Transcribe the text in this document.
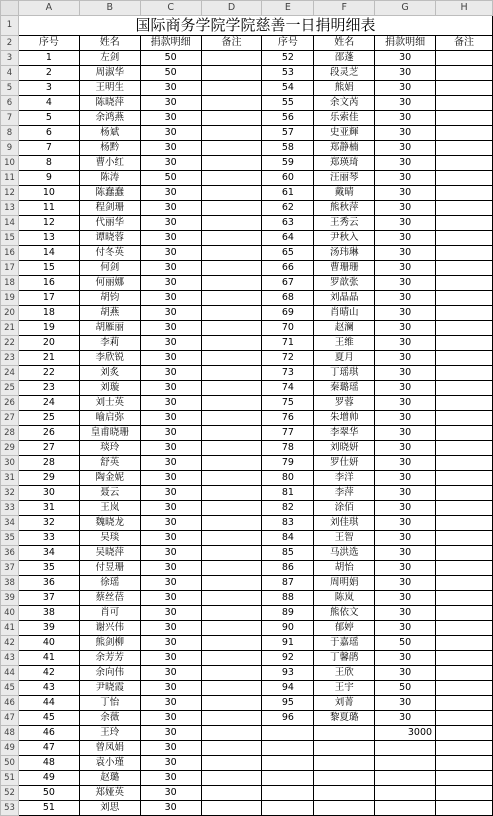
	A	B	C	D	E	F	G	H
1	国际商务学院学院慈善一日捐明细表							
2	序号	姓名	捐款明细	备注	序号	姓名	捐款明细	备注
3	1	左剑	50		52	邵蓬	30	
4	2	周淑华	50		53	段灵芝	30	
5	3	王明生	30		54	熊娟	30	
6	4	陈晓萍	30		55	余文芮	30	
7	5	余鸿燕	30		56	乐索佳	30	
8	6	杨斌	30		57	史亚輝	30	
9	7	杨黔	30		58	郑静楠	30	
10	8	曹小红	30		59	郑瑛琦	30	
11	9	陈涛	50		60	汪丽琴	30	
12	10	陈蠢蠢	30		61	戴晴	30	
13	11	程剑珊	30		62	熊秋萍	30	
14	12	代丽华	30		63	王秀云	30	
15	13	谭晓蓉	30		64	尹秋入	30	
16	14	付冬英	30		65	汤玮琳	30	
17	15	何剑	30		66	曹珊珊	30	
18	16	何丽娜	30		67	罗歆张	30	
19	17	胡钧	30		68	刘晶晶	30	
20	18	胡燕	30		69	肖晴山	30	
21	19	胡雁丽	30		70	赵澜	30	
22	20	李莉	30		71	王维	30	
23	21	李欣锐	30		72	夏月	30	
24	22	刘炙	30		73	丁瑶琪	30	
25	23	刘璇	30		74	秦璐瑶	30	
26	24	刘士英	30		75	罗蓉	30	
27	25	喻启弥	30		76	朱增帅	30	
28	26	皇甫晓珊	30		77	李翠华	30	
29	27	琰玲	30		78	刘晓妍	30	
30	28	舒英	30		79	罗仕妍	30	
31	29	陶金妮	30		80	李洋	30	
32	30	聂云	30		81	李萍	30	
33	31	王岚	30		82	涂佰	30	
34	32	魏晓龙	30		83	刘佳琪	30	
35	33	吴琰	30		84	王智	30	
36	34	吴晓萍	30		85	马洪选	30	
37	35	付昱珊	30		86	胡怡	30	
38	36	徐瑶	30		87	周明娟	30	
39	37	蔡丝蓓	30		88	陈岚	30	
40	38	肖可	30		89	熊依文	30	
41	39	谢兴伟	30		90	郁婷	30	
42	40	熊剑柳	30		91	于嘉瑶	50	
43	41	余芳芳	30		92	丁馨鹃	30	
44	42	余向伟	30		93	王欣	30	
45	43	尹晓霞	30		94	王宇	50	
46	44	丁怡	30		95	刘菁	30	
47	45	余薇	30		96	黎夏璐	30	
48	46	王玲	30				3000	
49	47	曾凤娟	30					
50	48	袁小瑾	30					
51	49	赵璐	30					
52	50	郑娅英	30					
53	51	刘思	30					
